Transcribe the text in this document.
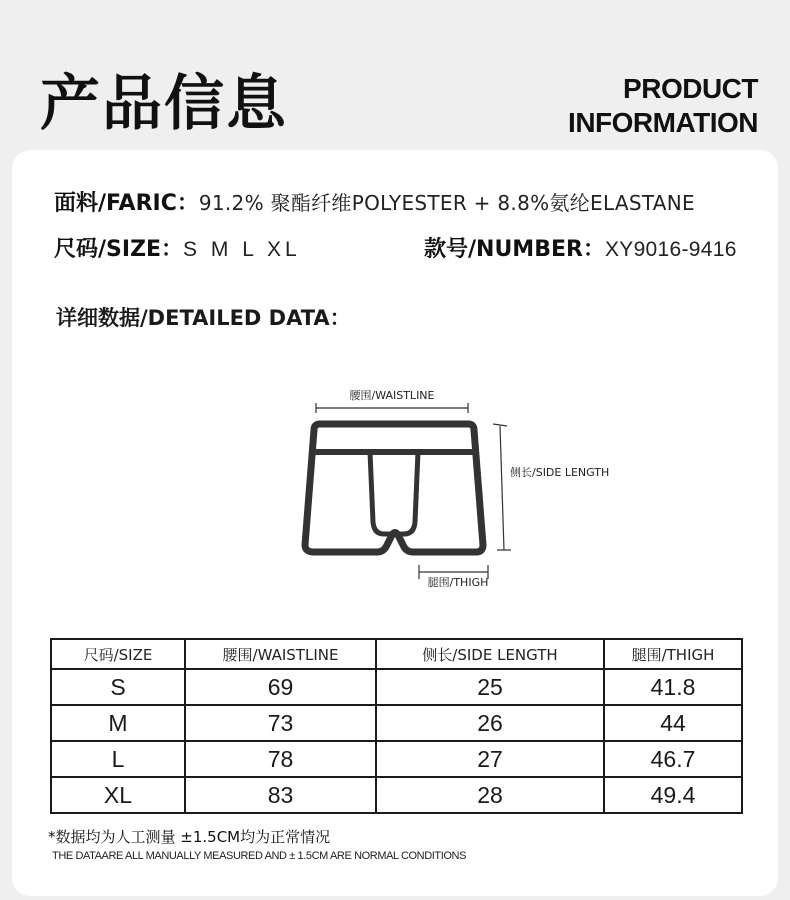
产品信息	PRODUCT
INFORMATION
面料/FARIC： 91.2% 聚酯纤维POLYESTER + 8.8%氨纶ELASTANE
尺码/SIZE： S M L XL	款号/NUMBER： XY9016-9416
详细数据/DETAILED DATA：
腰围/WAISTLINE
侧长/SIDE LENGTH
腿围/THIGH
尺码/SIZE	腰围/WAISTLINE	侧长/SIDE LENGTH	腿围/THIGH
S	69	25	41.8
M	73	26	44
L	78	27	46.7
XL	83	28	49.4
*数据均为人工测量 ±1.5CM均为正常情况
THE DATAARE ALL MANUALLY MEASURED AND ± 1.5CM ARE NORMAL CONDITIONS
